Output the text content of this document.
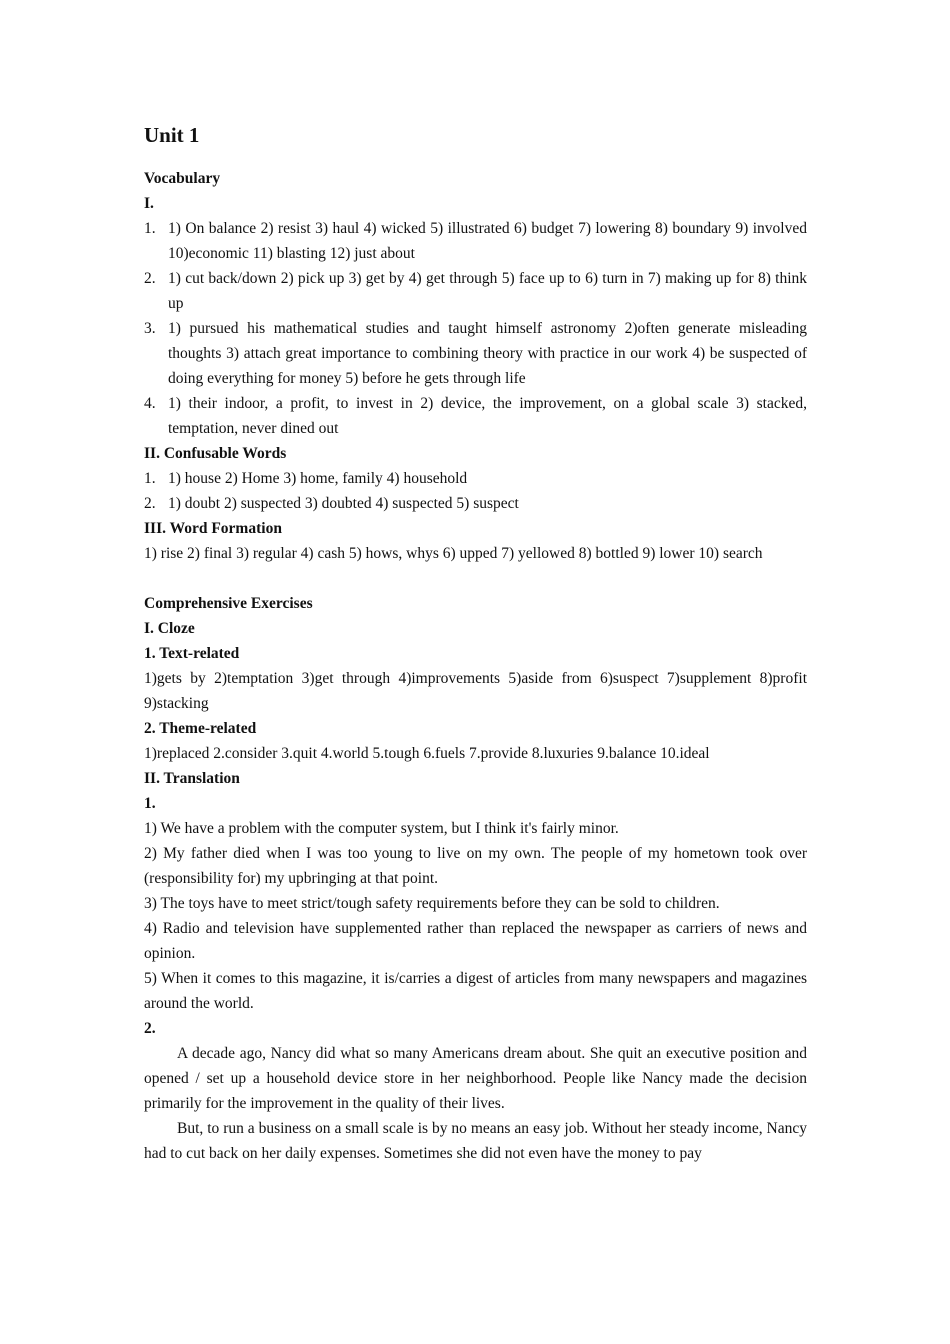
Unit 1

Vocabulary

I.

1. 1) On balance 2) resist 3) haul 4) wicked 5) illustrated 6) budget 7) lowering 8) boundary 9) involved 10)economic 11) blasting 12) just about
2. 1) cut back/down 2) pick up 3) get by 4) get through 5) face up to 6) turn in 7) making up for 8) think up
3. 1) pursued his mathematical studies and taught himself astronomy 2)often generate misleading thoughts 3) attach great importance to combining theory with practice in our work 4) be suspected of doing everything for money 5) before he gets through life
4. 1) their indoor, a profit, to invest in 2) device, the improvement, on a global scale 3) stacked, temptation, never dined out

II. Confusable Words

1. 1) house 2) Home 3) home, family 4) household
2. 1) doubt 2) suspected 3) doubted 4) suspected 5) suspect

III. Word Formation

1) rise 2) final 3) regular 4) cash 5) hows, whys 6) upped 7) yellowed 8) bottled 9) lower 10) search

Comprehensive Exercises

I. Cloze

1. Text-related

1)gets by 2)temptation 3)get through 4)improvements 5)aside from 6)suspect 7)supplement 8)profit 9)stacking

2. Theme-related

1)replaced 2.consider 3.quit 4.world 5.tough 6.fuels 7.provide 8.luxuries 9.balance 10.ideal

II. Translation

1.

1) We have a problem with the computer system, but I think it's fairly minor.

2) My father died when I was too young to live on my own. The people of my hometown took over (responsibility for) my upbringing at that point.

3) The toys have to meet strict/tough safety requirements before they can be sold to children.

4) Radio and television have supplemented rather than replaced the newspaper as carriers of news and opinion.

5) When it comes to this magazine, it is/carries a digest of articles from many newspapers and magazines around the world.

2.

A decade ago, Nancy did what so many Americans dream about. She quit an executive position and opened / set up a household device store in her neighborhood. People like Nancy made the decision primarily for the improvement in the quality of their lives.

But, to run a business on a small scale is by no means an easy job. Without her steady income, Nancy had to cut back on her daily expenses. Sometimes she did not even have the money to pay
